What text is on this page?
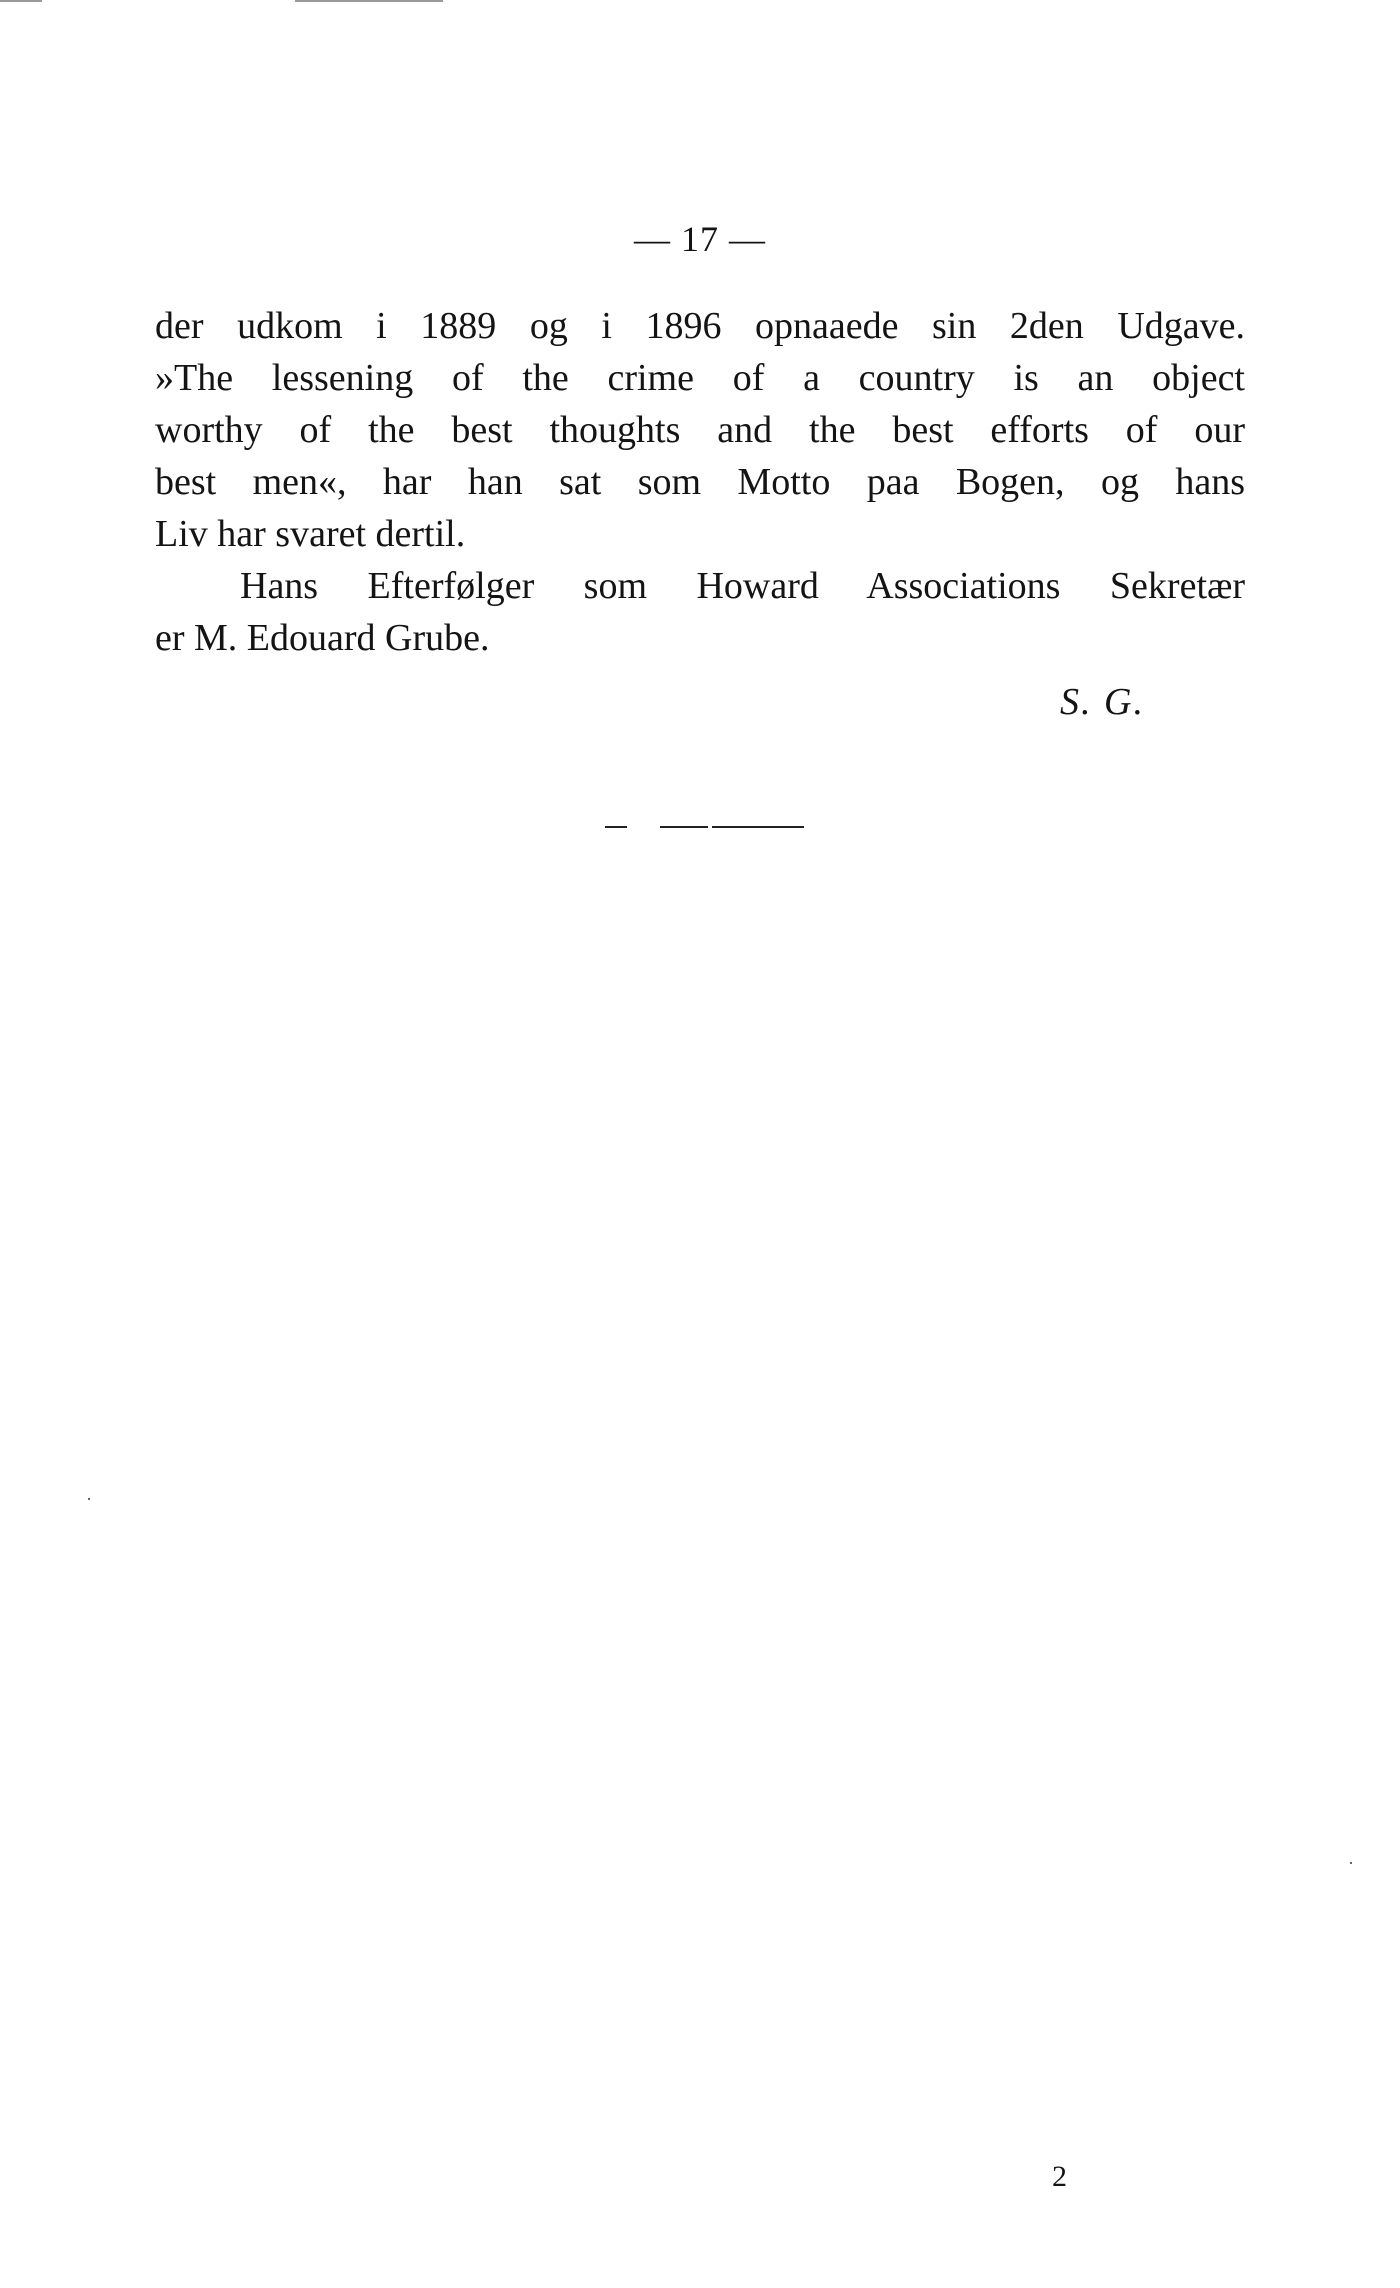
— 17 —
der udkom i 1889 og i 1896 opnaaede sin 2den Udgave.
»The lessening of the crime of a country is an object
worthy of the best thoughts and the best efforts of our
best men«, har han sat som Motto paa Bogen, og hans
Liv har svaret dertil.
Hans Efterfølger som Howard Associations Sekretær
er M. Edouard Grube.
S. G.
2
